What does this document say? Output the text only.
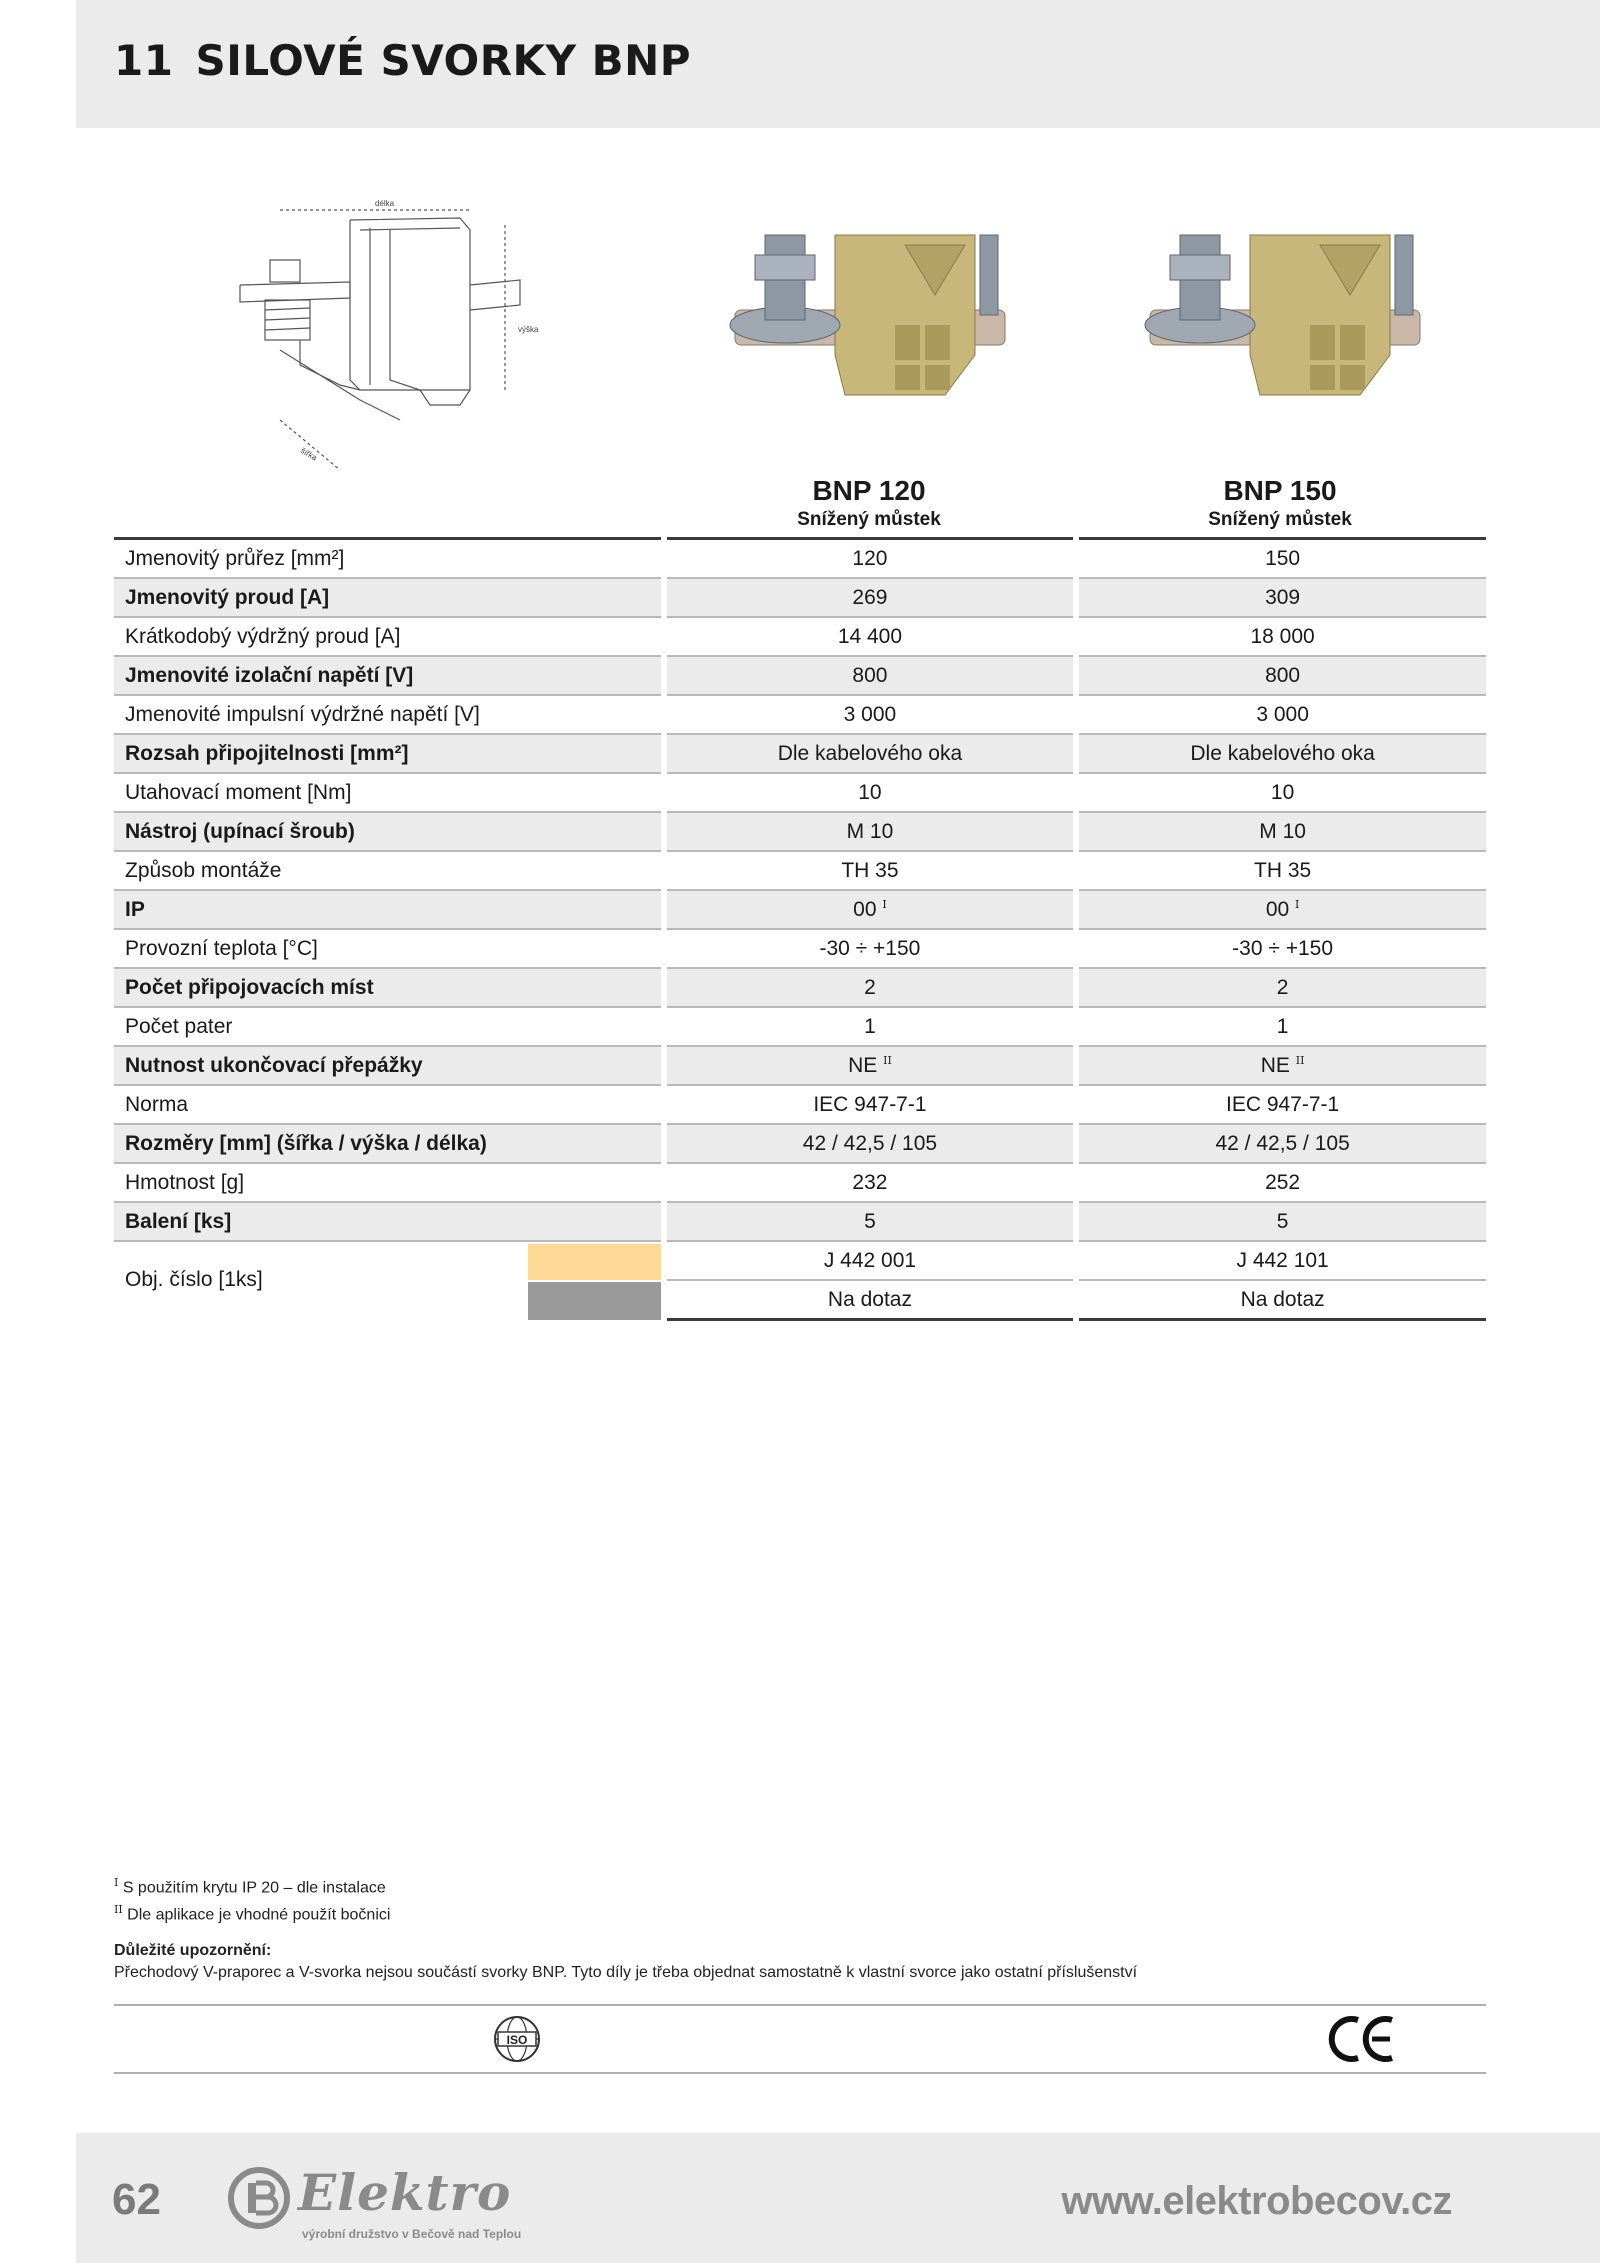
11 SILOVÉ SVORKY BNP
délka
výška
šířka
BNP 120
Snížený můstek
BNP 150
Snížený můstek
Jmenovitý průřez [mm²]		120		150
Jmenovitý proud [A]		269		309
Krátkodobý výdržný proud [A]		14 400		18 000
Jmenovité izolační napětí [V]		800		800
Jmenovité impulsní výdržné napětí [V]		3 000		3 000
Rozsah připojitelnosti [mm²]		Dle kabelového oka		Dle kabelového oka
Utahovací moment [Nm]		10		10
Nástroj (upínací šroub)		M 10		M 10
Způsob montáže		TH 35		TH 35
IP		00 $^I$		00 $^I$
Provozní teplota [°C]		-30 ÷ +150		-30 ÷ +150
Počet připojovacích míst		2		2
Počet pater		1		1
Nutnost ukončovací přepážky		NE $^{II}$		NE $^{II}$
Norma		IEC 947-7-1		IEC 947-7-1
Rozměry [mm] (šířka / výška / délka)		42 / 42,5 / 105		42 / 42,5 / 105
Hmotnost [g]		232		252
Balení [ks]		5		5

Obj. číslo [1ks]		J 442 001		J 442 101
		Na dotaz		Na dotaz
$^I$ S použitím krytu IP 20 – dle instalace
$^{II}$ Dle aplikace je vhodné použít bočnici
Důležité upozornění:
Přechodový V-praporec a V-svorka nejsou součástí svorky BNP. Tyto díly je třeba objednat samostatně k vlastní svorce jako ostatní příslušenství
ISO
62	Elektro
výrobní družstvo v Bečově nad Teplou
www.elektrobecov.cz
